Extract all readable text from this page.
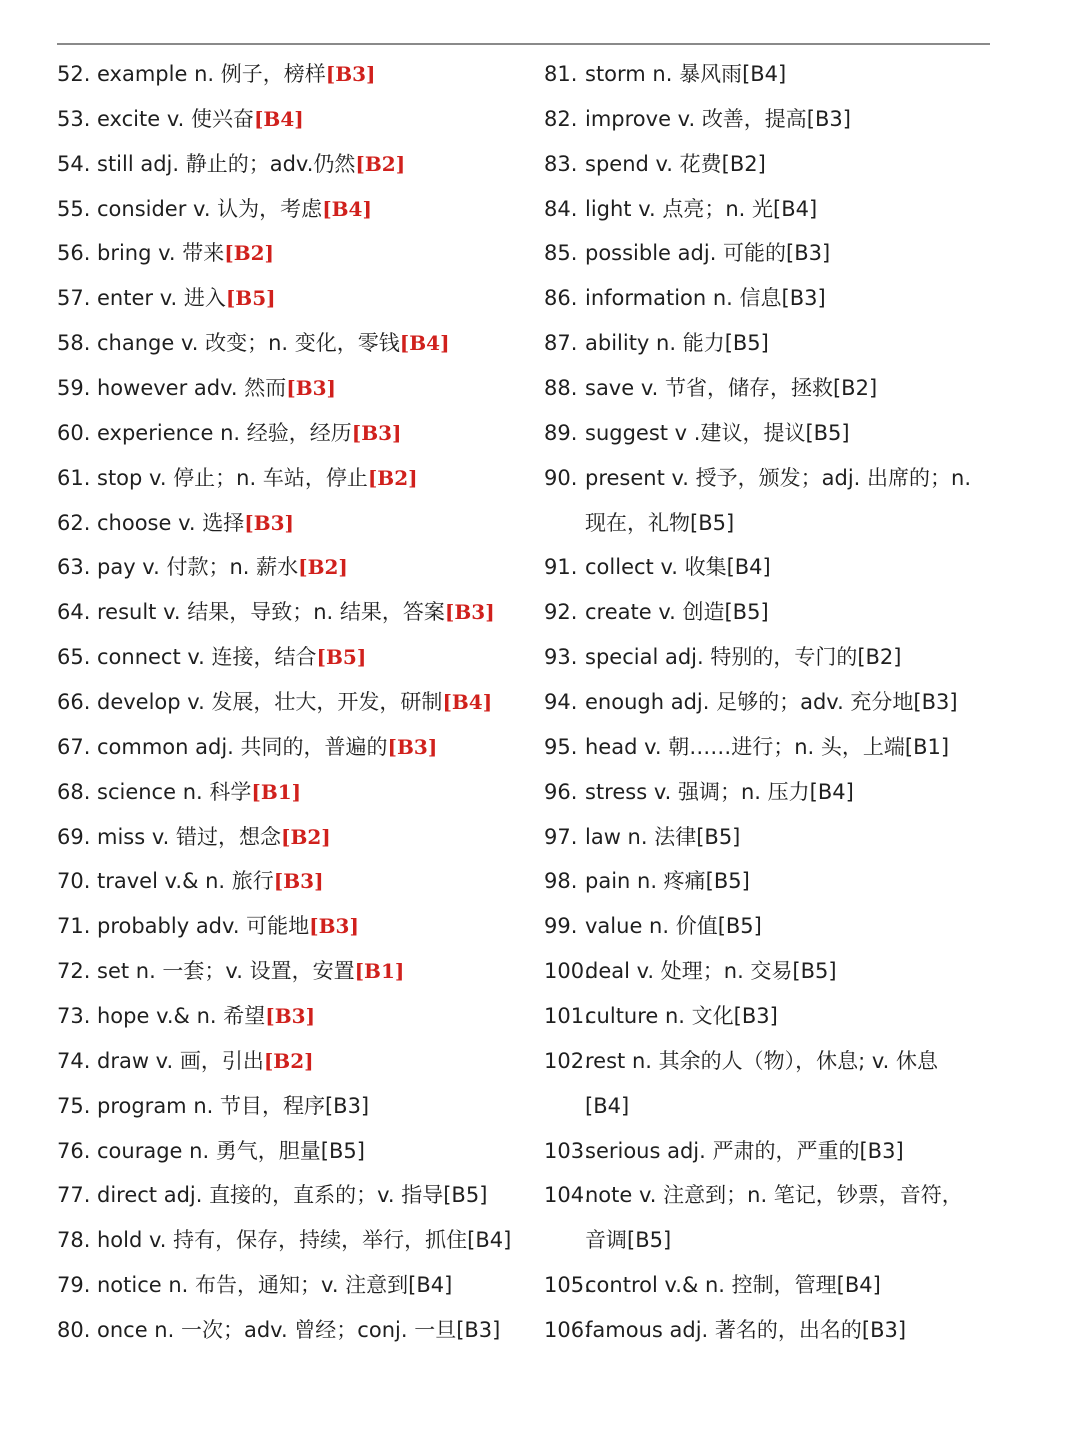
52. example n. 例子，榜样[B3]
53. excite v. 使兴奋[B4]
54. still adj. 静止的；adv.仍然[B2]
55. consider v. 认为，考虑[B4]
56. bring v. 带来[B2]
57. enter v. 进入[B5]
58. change v. 改变；n. 变化，零钱[B4]
59. however adv. 然而[B3]
60. experience n. 经验，经历[B3]
61. stop v. 停止；n. 车站，停止[B2]
62. choose v. 选择[B3]
63. pay v. 付款；n. 薪水[B2]
64. result v. 结果，导致；n. 结果，答案[B3]
65. connect v. 连接，结合[B5]
66. develop v. 发展，壮大，开发，研制[B4]
67. common adj. 共同的，普遍的[B3]
68. science n. 科学[B1]
69. miss v. 错过，想念[B2]
70. travel v.& n. 旅行[B3]
71. probably adv. 可能地[B3]
72. set n. 一套；v. 设置，安置[B1]
73. hope v.& n. 希望[B3]
74. draw v. 画，引出[B2]
75. program n. 节目，程序[B3]
76. courage n. 勇气，胆量[B5]
77. direct adj. 直接的，直系的；v. 指导[B5]
78. hold v. 持有，保存，持续，举行，抓住[B4]
79. notice n. 布告，通知；v. 注意到[B4]
80. once n. 一次；adv. 曾经；conj. 一旦[B3]
81. storm n. 暴风雨[B4]
82. improve v. 改善，提高[B3]
83. spend v. 花费[B2]
84. light v. 点亮；n. 光[B4]
85. possible adj. 可能的[B3]
86. information n. 信息[B3]
87. ability n. 能力[B5]
88. save v. 节省，储存，拯救[B2]
89. suggest v .建议，提议[B5]
90. present v. 授予，颁发；adj. 出席的；n.
现在，礼物[B5]
91. collect v. 收集[B4]
92. create v. 创造[B5]
93. special adj. 特别的，专门的[B2]
94. enough adj. 足够的；adv. 充分地[B3]
95. head v. 朝……进行；n. 头，上端[B1]
96. stress v. 强调；n. 压力[B4]
97. law n. 法律[B5]
98. pain n. 疼痛[B5]
99. value n. 价值[B5]
100.deal v. 处理；n. 交易[B5]
101.culture n. 文化[B3]
102.rest n. 其余的人（物），休息; v. 休息
[B4]
103.serious adj. 严肃的，严重的[B3]
104.note v. 注意到；n. 笔记，钞票，音符，
音调[B5]
105.control v.& n. 控制，管理[B4]
106.famous adj. 著名的，出名的[B3]
